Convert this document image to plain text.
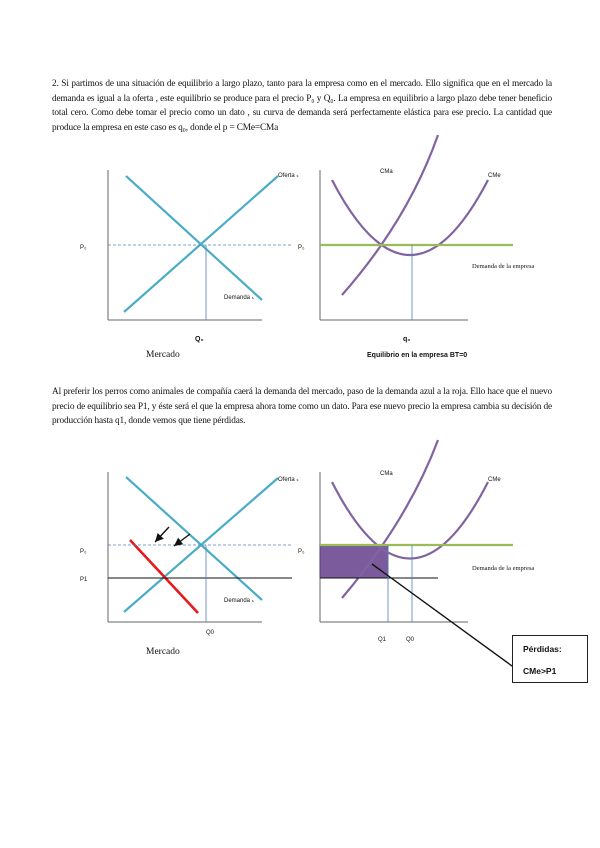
2. Si partimos de una situación de equilibrio a largo plazo, tanto para la empresa como en el mercado. Ello significa que en el mercado la demanda es igual a la oferta , este equilibrio se produce para el precio P₀ y Q₀. La empresa en equilibrio a largo plazo debe tener beneficio total cero. Como debe tomar el precio como un dato , su curva de demanda será perfectamente elástica para ese precio. La cantidad que produce la empresa en este caso es q₀, donde el p = CMe=CMa

Oferta ₛ
Demanda ₛ
P₀
Q₀
Mercado
P₀
CMa
CMe
Demanda de la empresa
q₀
Equilibrio en la empresa BT=0
Oferta ₛ
Demanda ₛ
P₀
P1
Q0
Mercado
P₀
CMa
CMe
Demanda de la empresa
Q1	Q0

Al preferir los perros como animales de compañía caerá la demanda del mercado, paso de la demanda azul a la roja. Ello hace que el nuevo precio de equilibrio sea P1, y éste será el que la empresa ahora tome como un dato. Para ese nuevo precio la empresa cambia su decisión de producción hasta q1, donde vemos que tiene pérdidas.

Pérdidas:
CMe>P1
